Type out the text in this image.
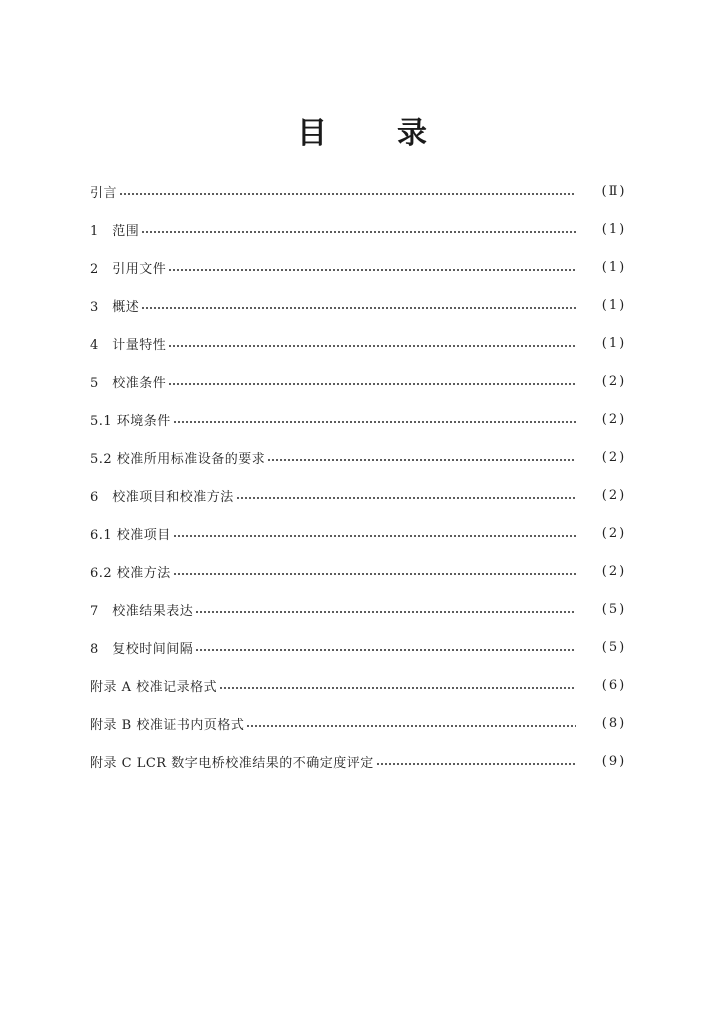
目 录
引言	(Ⅱ)
1　范围	(1)
2　引用文件	(1)
3　概述	(1)
4　计量特性	(1)
5　校准条件	(2)
5.1 环境条件	(2)
5.2 校准所用标准设备的要求	(2)
6　校准项目和校准方法	(2)
6.1 校准项目	(2)
6.2 校准方法	(2)
7　校准结果表达	(5)
8　复校时间间隔	(5)
附录 A 校准记录格式	(6)
附录 B 校准证书内页格式	(8)
附录 C LCR 数字电桥校准结果的不确定度评定	(9)
